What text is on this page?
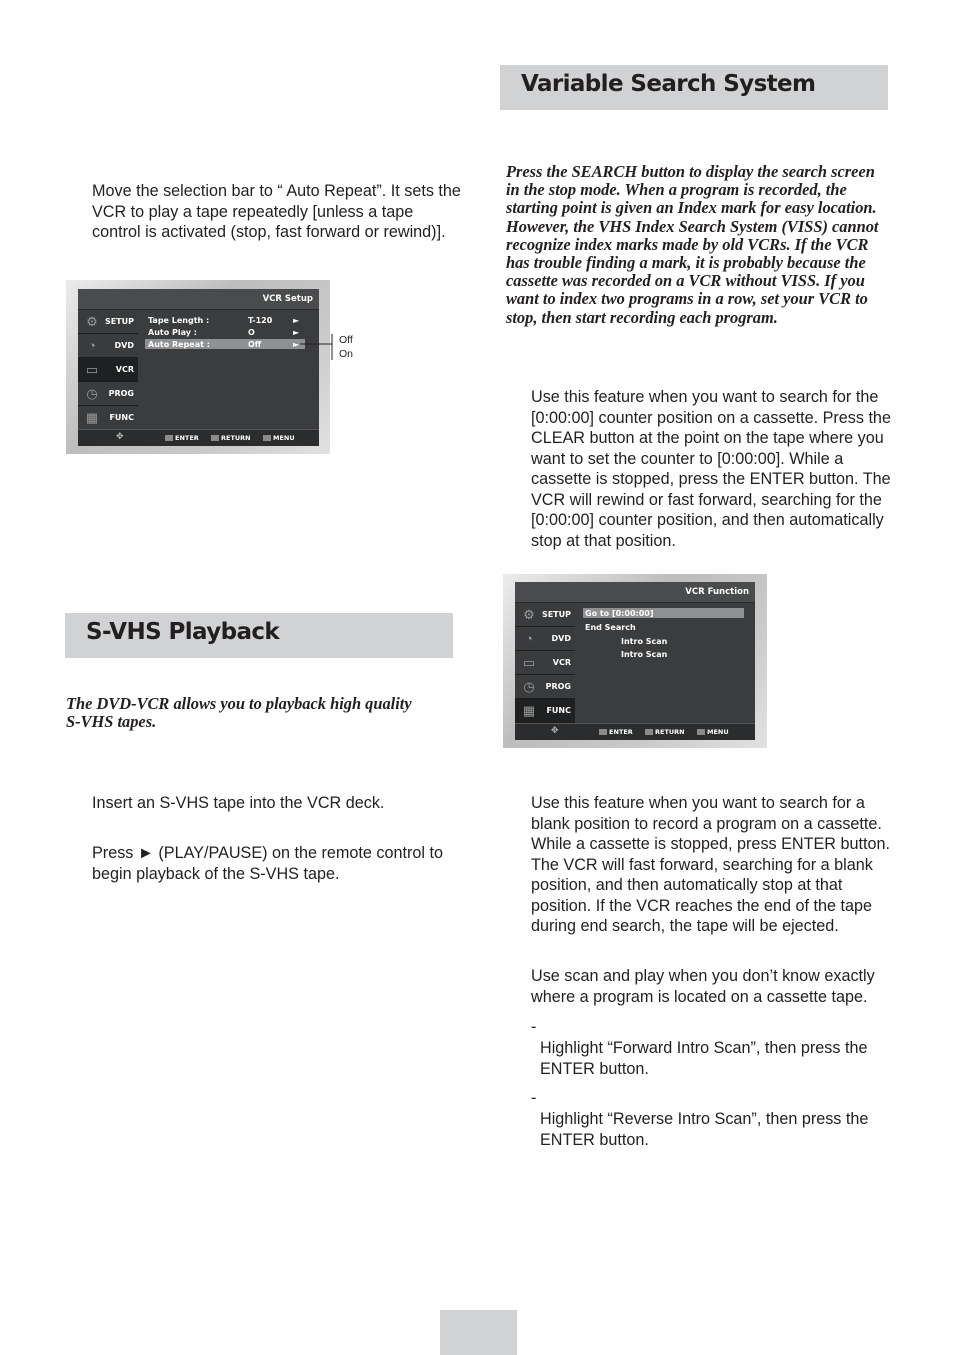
Variable Search System
Press the SEARCH button to display the search screen
in the stop mode. When a program is recorded, the
starting point is given an Index mark for easy location.
However, the VHS Index Search System (VISS) cannot
recognize index marks made by old VCRs. If the VCR
has trouble finding a mark, it is probably because the
cassette was recorded on a VCR without VISS. If you
want to index two programs in a row, set your VCR to
stop, then start recording each program.
Use this feature when you want to search for the
[0:00:00] counter position on a cassette. Press the
CLEAR button at the point on the tape where you
want to set the counter to [0:00:00]. While a
cassette is stopped, press the ENTER button. The
VCR will rewind or fast forward, searching for the
[0:00:00] counter position, and then automatically
stop at that position.
VCR Function
⚙ SETUP
◔	DVD
▭	VCR
◷	PROG
▦	FUNC
Go to [0:00:00]
End Search
Intro Scan
Intro Scan
✥	ENTER	RETURN	MENU
Use this feature when you want to search for a
blank position to record a program on a cassette.
While a cassette is stopped, press ENTER button.
The VCR will fast forward, searching for a blank
position, and then automatically stop at that
position. If the VCR reaches the end of the tape
during end search, the tape will be ejected.
Use scan and play when you don’t know exactly
where a program is located on a cassette tape.
-
Highlight “Forward Intro Scan”, then press the
ENTER button.
-
Highlight “Reverse Intro Scan”, then press the
ENTER button.
Move the selection bar to “ Auto Repeat”. It sets the
VCR to play a tape repeatedly [unless a tape
control is activated (stop, fast forward or rewind)].
VCR Setup
⚙ SETUP
◔	DVD
▭	VCR
◷	PROG
▦	FUNC
Tape Length :	T-120	►
Auto Play :	O	►
Auto Repeat :	Off	►
✥	ENTER	RETURN	MENU
Off
On
S-VHS Playback
The DVD-VCR allows you to playback high quality
S-VHS tapes.
Insert an S-VHS tape into the VCR deck.
Press ► (PLAY/PAUSE) on the remote control to
begin playback of the S-VHS tape.
